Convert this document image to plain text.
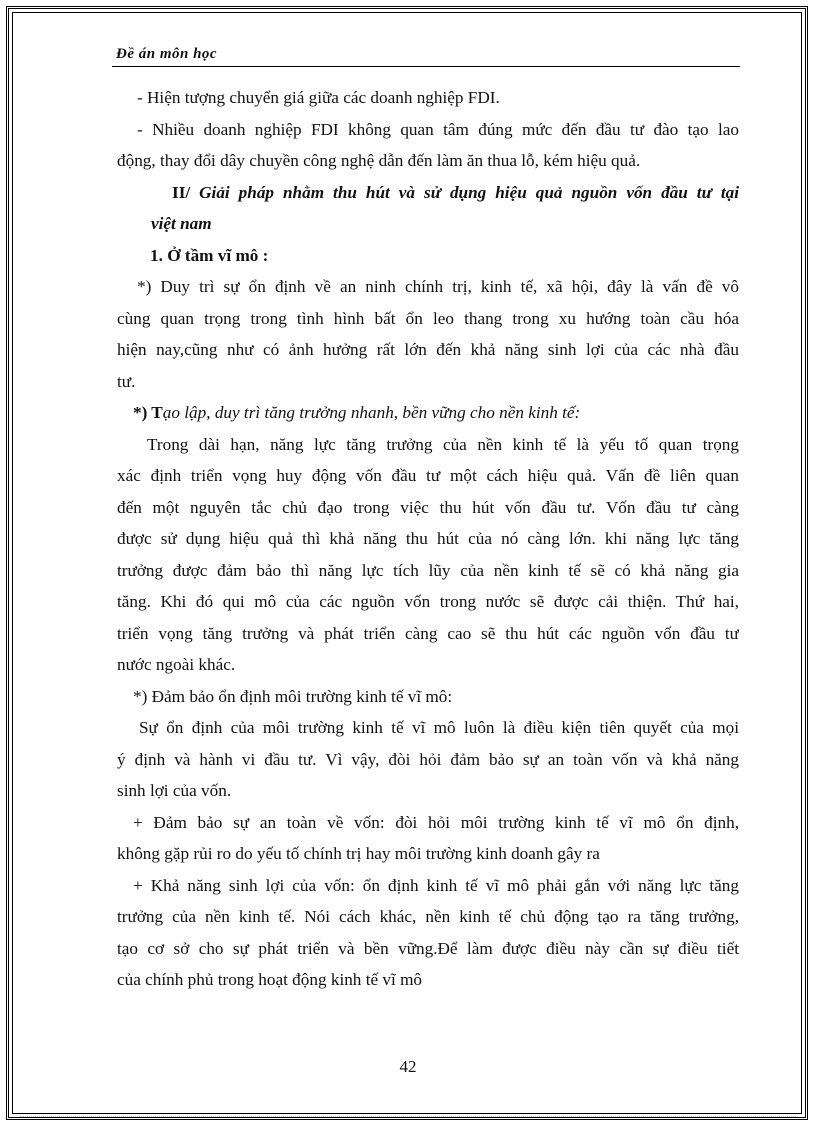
Đề án môn học
- Hiện tượng chuyển giá giữa các doanh nghiệp FDI.
- Nhiều doanh nghiệp FDI không quan tâm đúng mức đến đầu tư đào tạo lao
động, thay đổi dây chuyền công nghệ dẫn đến làm ăn thua lỗ, kém hiệu quả.
II/ Giải pháp nhằm thu hút và sử dụng hiệu quả nguồn vốn đầu tư tại
việt nam
1. Ở tầm vĩ mô :
*) Duy trì sự ổn định về an ninh chính trị, kinh tế, xã hội, đây là vấn đề vô
cùng quan trọng trong tình hình bất ổn leo thang trong xu hướng toàn cầu hóa
hiện nay,cũng như có ảnh hưởng rất lớn đến khả năng sinh lợi của các nhà đầu
tư.
*) Tạo lập, duy trì tăng trưởng nhanh, bền vững cho nền kinh tế:
Trong dài hạn, năng lực tăng trưởng của nền kinh tế là yếu tố quan trọng
xác định triển vọng huy động vốn đầu tư một cách hiệu quả. Vấn đề liên quan
đến một nguyên tắc chủ đạo trong việc thu hút vốn đầu tư. Vốn đầu tư càng
được sử dụng hiệu quả thì khả năng thu hút của nó càng lớn. khi năng lực tăng
trưởng được đảm bảo thì năng lực tích lũy của nền kinh tế sẽ có khả năng gia
tăng. Khi đó qui mô của các nguồn vốn trong nước sẽ được cải thiện. Thứ hai,
triển vọng tăng trưởng và phát triển càng cao sẽ thu hút các nguồn vốn đầu tư
nước ngoài khác.
*) Đảm bảo ổn định môi trường kinh tế vĩ mô:
Sự ổn định của môi trường kinh tế vĩ mô luôn là điều kiện tiên quyết của mọi
ý định và hành vi đầu tư. Vì vậy, đòi hỏi đảm bảo sự an toàn vốn và khả năng
sinh lợi của vốn.
+ Đảm bảo sự an toàn về vốn: đòi hỏi môi trường kinh tế vĩ mô ổn định,
không gặp rủi ro do yếu tố chính trị hay môi trường kinh doanh gây ra
+ Khả năng sinh lợi của vốn: ổn định kinh tế vĩ mô phải gắn với năng lực tăng
trưởng của nền kinh tế. Nói cách khác, nền kinh tế chủ động tạo ra tăng trưởng,
tạo cơ sở cho sự phát triển và bền vững.Để làm được điều này cần sự điều tiết
của chính phủ trong hoạt động kinh tế vĩ mô
42
